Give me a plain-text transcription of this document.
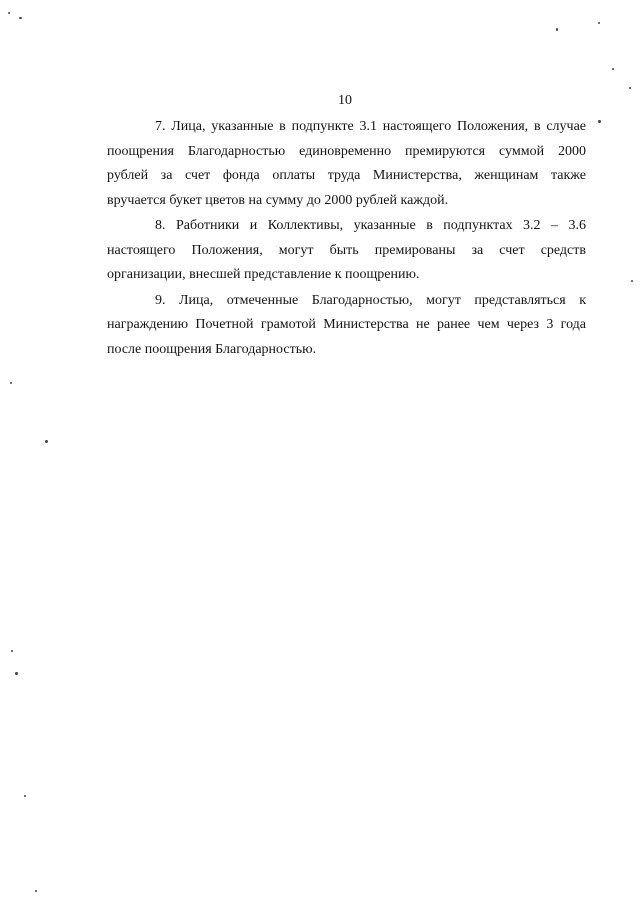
10

7. Лица, указанные в подпункте 3.1 настоящего Положения, в случае
поощрения Благодарностью единовременно премируются суммой 2000
рублей за счет фонда оплаты труда Министерства, женщинам также
вручается букет цветов на сумму до 2000 рублей каждой.

8. Работники и Коллективы, указанные в подпунктах 3.2 – 3.6
настоящего Положения, могут быть премированы за счет средств
организации, внесшей представление к поощрению.

9. Лица, отмеченные Благодарностью, могут представляться к
награждению Почетной грамотой Министерства не ранее чем через 3 года
после поощрения Благодарностью.
